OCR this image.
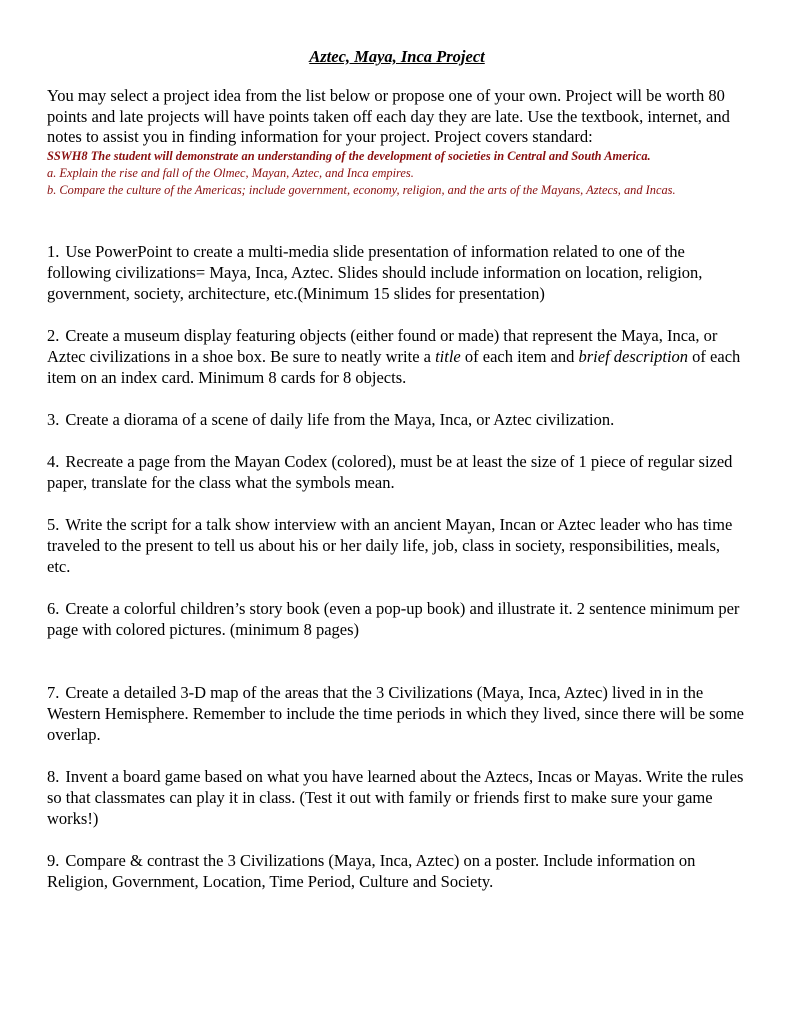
Aztec, Maya, Inca Project

You may select a project idea from the list below or propose one of your own. Project will be worth 80 points and late projects will have points taken off each day they are late. Use the textbook, internet, and notes to assist you in finding information for your project. Project covers standard:

SSWH8 The student will demonstrate an understanding of the development of societies in Central and South America.

a. Explain the rise and fall of the Olmec, Mayan, Aztec, and Inca empires.

b. Compare the culture of the Americas; include government, economy, religion, and the arts of the Mayans, Aztecs, and Incas.

1. Use PowerPoint to create a multi-media slide presentation of information related to one of the following civilizations= Maya, Inca, Aztec. Slides should include information on location, religion, government, society, architecture, etc.(Minimum 15 slides for presentation)

2. Create a museum display featuring objects (either found or made) that represent the Maya, Inca, or Aztec civilizations in a shoe box. Be sure to neatly write a title of each item and brief description of each item on an index card. Minimum 8 cards for 8 objects.

3. Create a diorama of a scene of daily life from the Maya, Inca, or Aztec civilization.

4. Recreate a page from the Mayan Codex (colored), must be at least the size of 1 piece of regular sized paper, translate for the class what the symbols mean.

5. Write the script for a talk show interview with an ancient Mayan, Incan or Aztec leader who has time traveled to the present to tell us about his or her daily life, job, class in society, responsibilities, meals, etc.

6. Create a colorful children’s story book (even a pop-up book) and illustrate it. 2 sentence minimum per page with colored pictures. (minimum 8 pages)

7. Create a detailed 3-D map of the areas that the 3 Civilizations (Maya, Inca, Aztec) lived in in the Western Hemisphere. Remember to include the time periods in which they lived, since there will be some overlap.

8. Invent a board game based on what you have learned about the Aztecs, Incas or Mayas. Write the rules so that classmates can play it in class. (Test it out with family or friends first to make sure your game works!)

9. Compare & contrast the 3 Civilizations (Maya, Inca, Aztec) on a poster. Include information on Religion, Government, Location, Time Period, Culture and Society.
